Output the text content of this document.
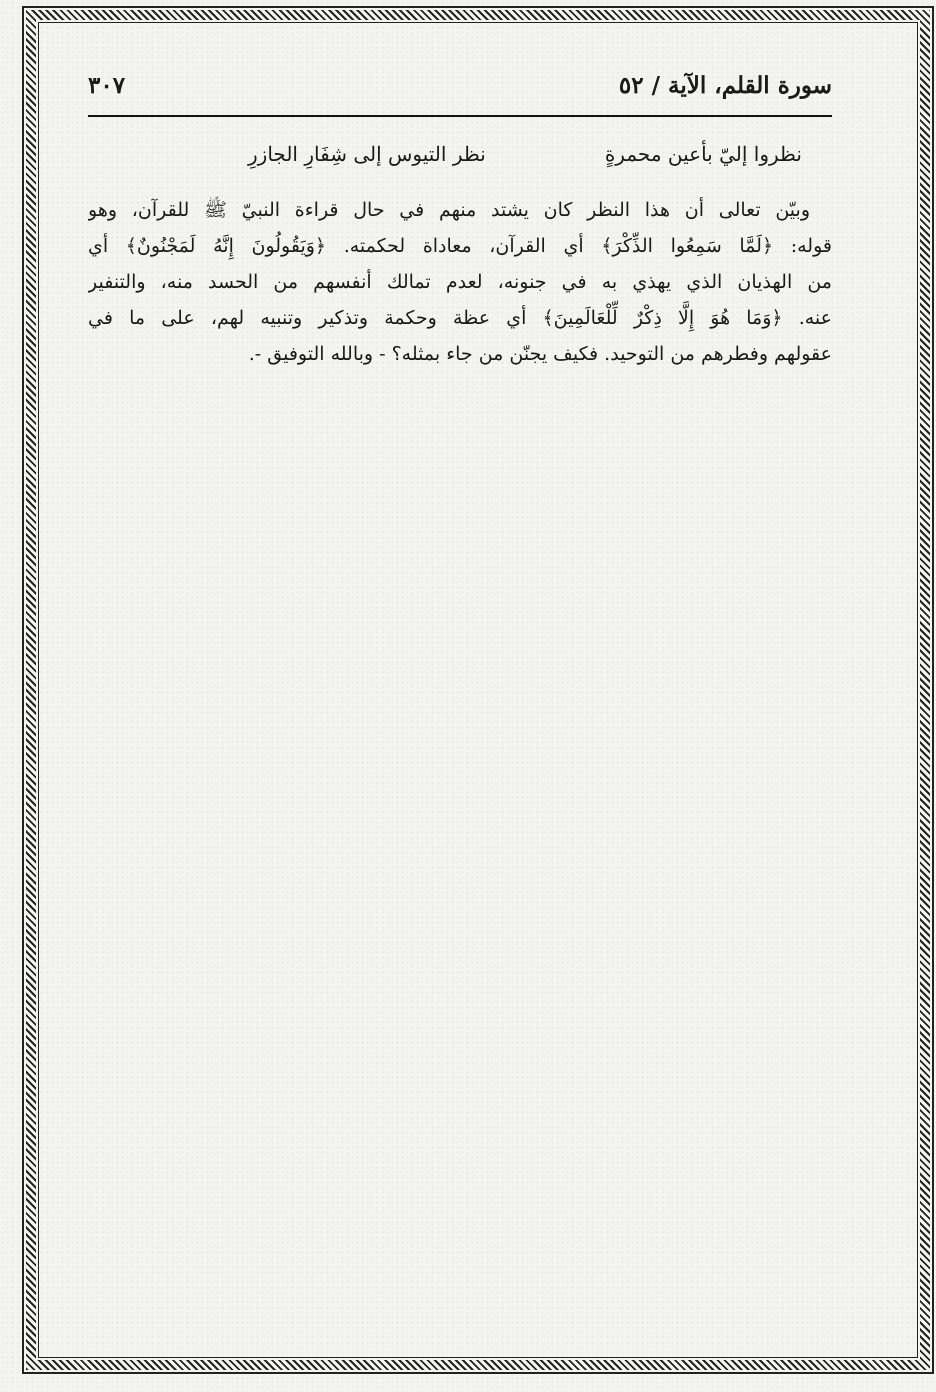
سورة القلم، الآية / ٥٢
٣٠٧
نظروا إليّ بأعين محمرةٍ
نظر التيوس إلى شِفَارِ الجازرِ
وبيّن تعالى أن هذا النظر كان يشتد منهم في حال قراءة النبيّ ﷺ للقرآن، وهو
قوله: ﴿لَمَّا سَمِعُوا الذِّكْرَ﴾ أي القرآن، معاداة لحكمته. ﴿وَيَقُولُونَ إِنَّهُ لَمَجْنُونٌ﴾ أي
من الهذيان الذي يهذي به في جنونه، لعدم تمالك أنفسهم من الحسد منه، والتنفير
عنه. ﴿وَمَا هُوَ إِلَّا ذِكْرٌ لِّلْعَالَمِينَ﴾ أي عظة وحكمة وتذكير وتنبيه لهم، على ما في
عقولهم وفطرهم من التوحيد. فكيف يجنّن من جاء بمثله؟ - وبالله التوفيق -.
